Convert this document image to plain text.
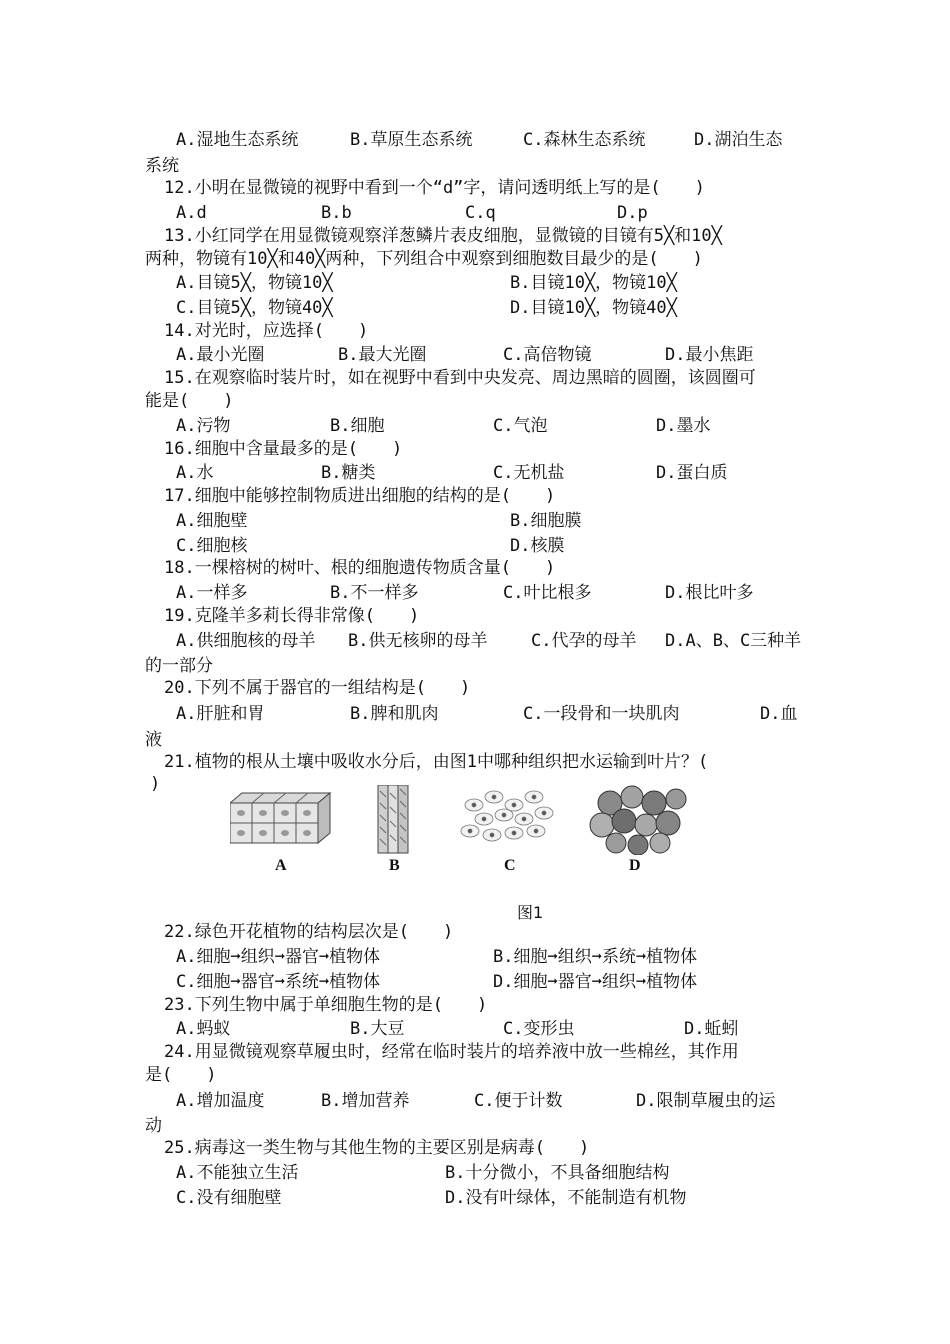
A.湿地生态系统	B.草原生态系统	C.森林生态系统	D.湖泊生态
系统
12.小明在显微镜的视野中看到一个“d”字，请问透明纸上写的是(　　)
A.d	B.b	C.q	D.p
13.小红同学在用显微镜观察洋葱鳞片表皮细胞，显微镜的目镜有5╳和10╳
两种，物镜有10╳和40╳两种，下列组合中观察到细胞数目最少的是(　　)
A.目镜5╳，物镜10╳	B.目镜10╳，物镜10╳
C.目镜5╳，物镜40╳	D.目镜10╳，物镜40╳
14.对光时，应选择(　　)
A.最小光圈	B.最大光圈	C.高倍物镜	D.最小焦距
15.在观察临时装片时，如在视野中看到中央发亮、周边黑暗的圆圈，该圆圈可
能是(　　)
A.污物	B.细胞	C.气泡	D.墨水
16.细胞中含量最多的是(　　)
A.水	B.糖类	C.无机盐	D.蛋白质
17.细胞中能够控制物质进出细胞的结构的是(　　)
A.细胞壁	B.细胞膜
C.细胞核	D.核膜
18.一棵榕树的树叶、根的细胞遗传物质含量(　　)
A.一样多	B.不一样多	C.叶比根多	D.根比叶多
19.克隆羊多莉长得非常像(　　)
A.供细胞核的母羊 B.供无核卵的母羊	C.代孕的母羊 D.A、B、C三种羊
的一部分
20.下列不属于器官的一组结构是(　　)
A.肝脏和胃	B.脾和肌肉	C.一段骨和一块肌肉	D.血
液
21.植物的根从土壤中吸收水分后，由图1中哪种组织把水运输到叶片？(
)
A	B	C	D
图1
22.绿色开花植物的结构层次是(　　)
A.细胞➞组织➞器官➞植物体	B.细胞➞组织➞系统➞植物体
C.细胞➞器官➞系统➞植物体	D.细胞➞器官➞组织➞植物体
23.下列生物中属于单细胞生物的是(　　)
A.蚂蚁	B.大豆	C.变形虫	D.蚯蚓
24.用显微镜观察草履虫时，经常在临时装片的培养液中放一些棉丝，其作用
是(　　)
A.增加温度	B.增加营养	C.便于计数	D.限制草履虫的运
动
25.病毒这一类生物与其他生物的主要区别是病毒(　　)
A.不能独立生活	B.十分微小，不具备细胞结构
C.没有细胞壁	D.没有叶绿体，不能制造有机物
